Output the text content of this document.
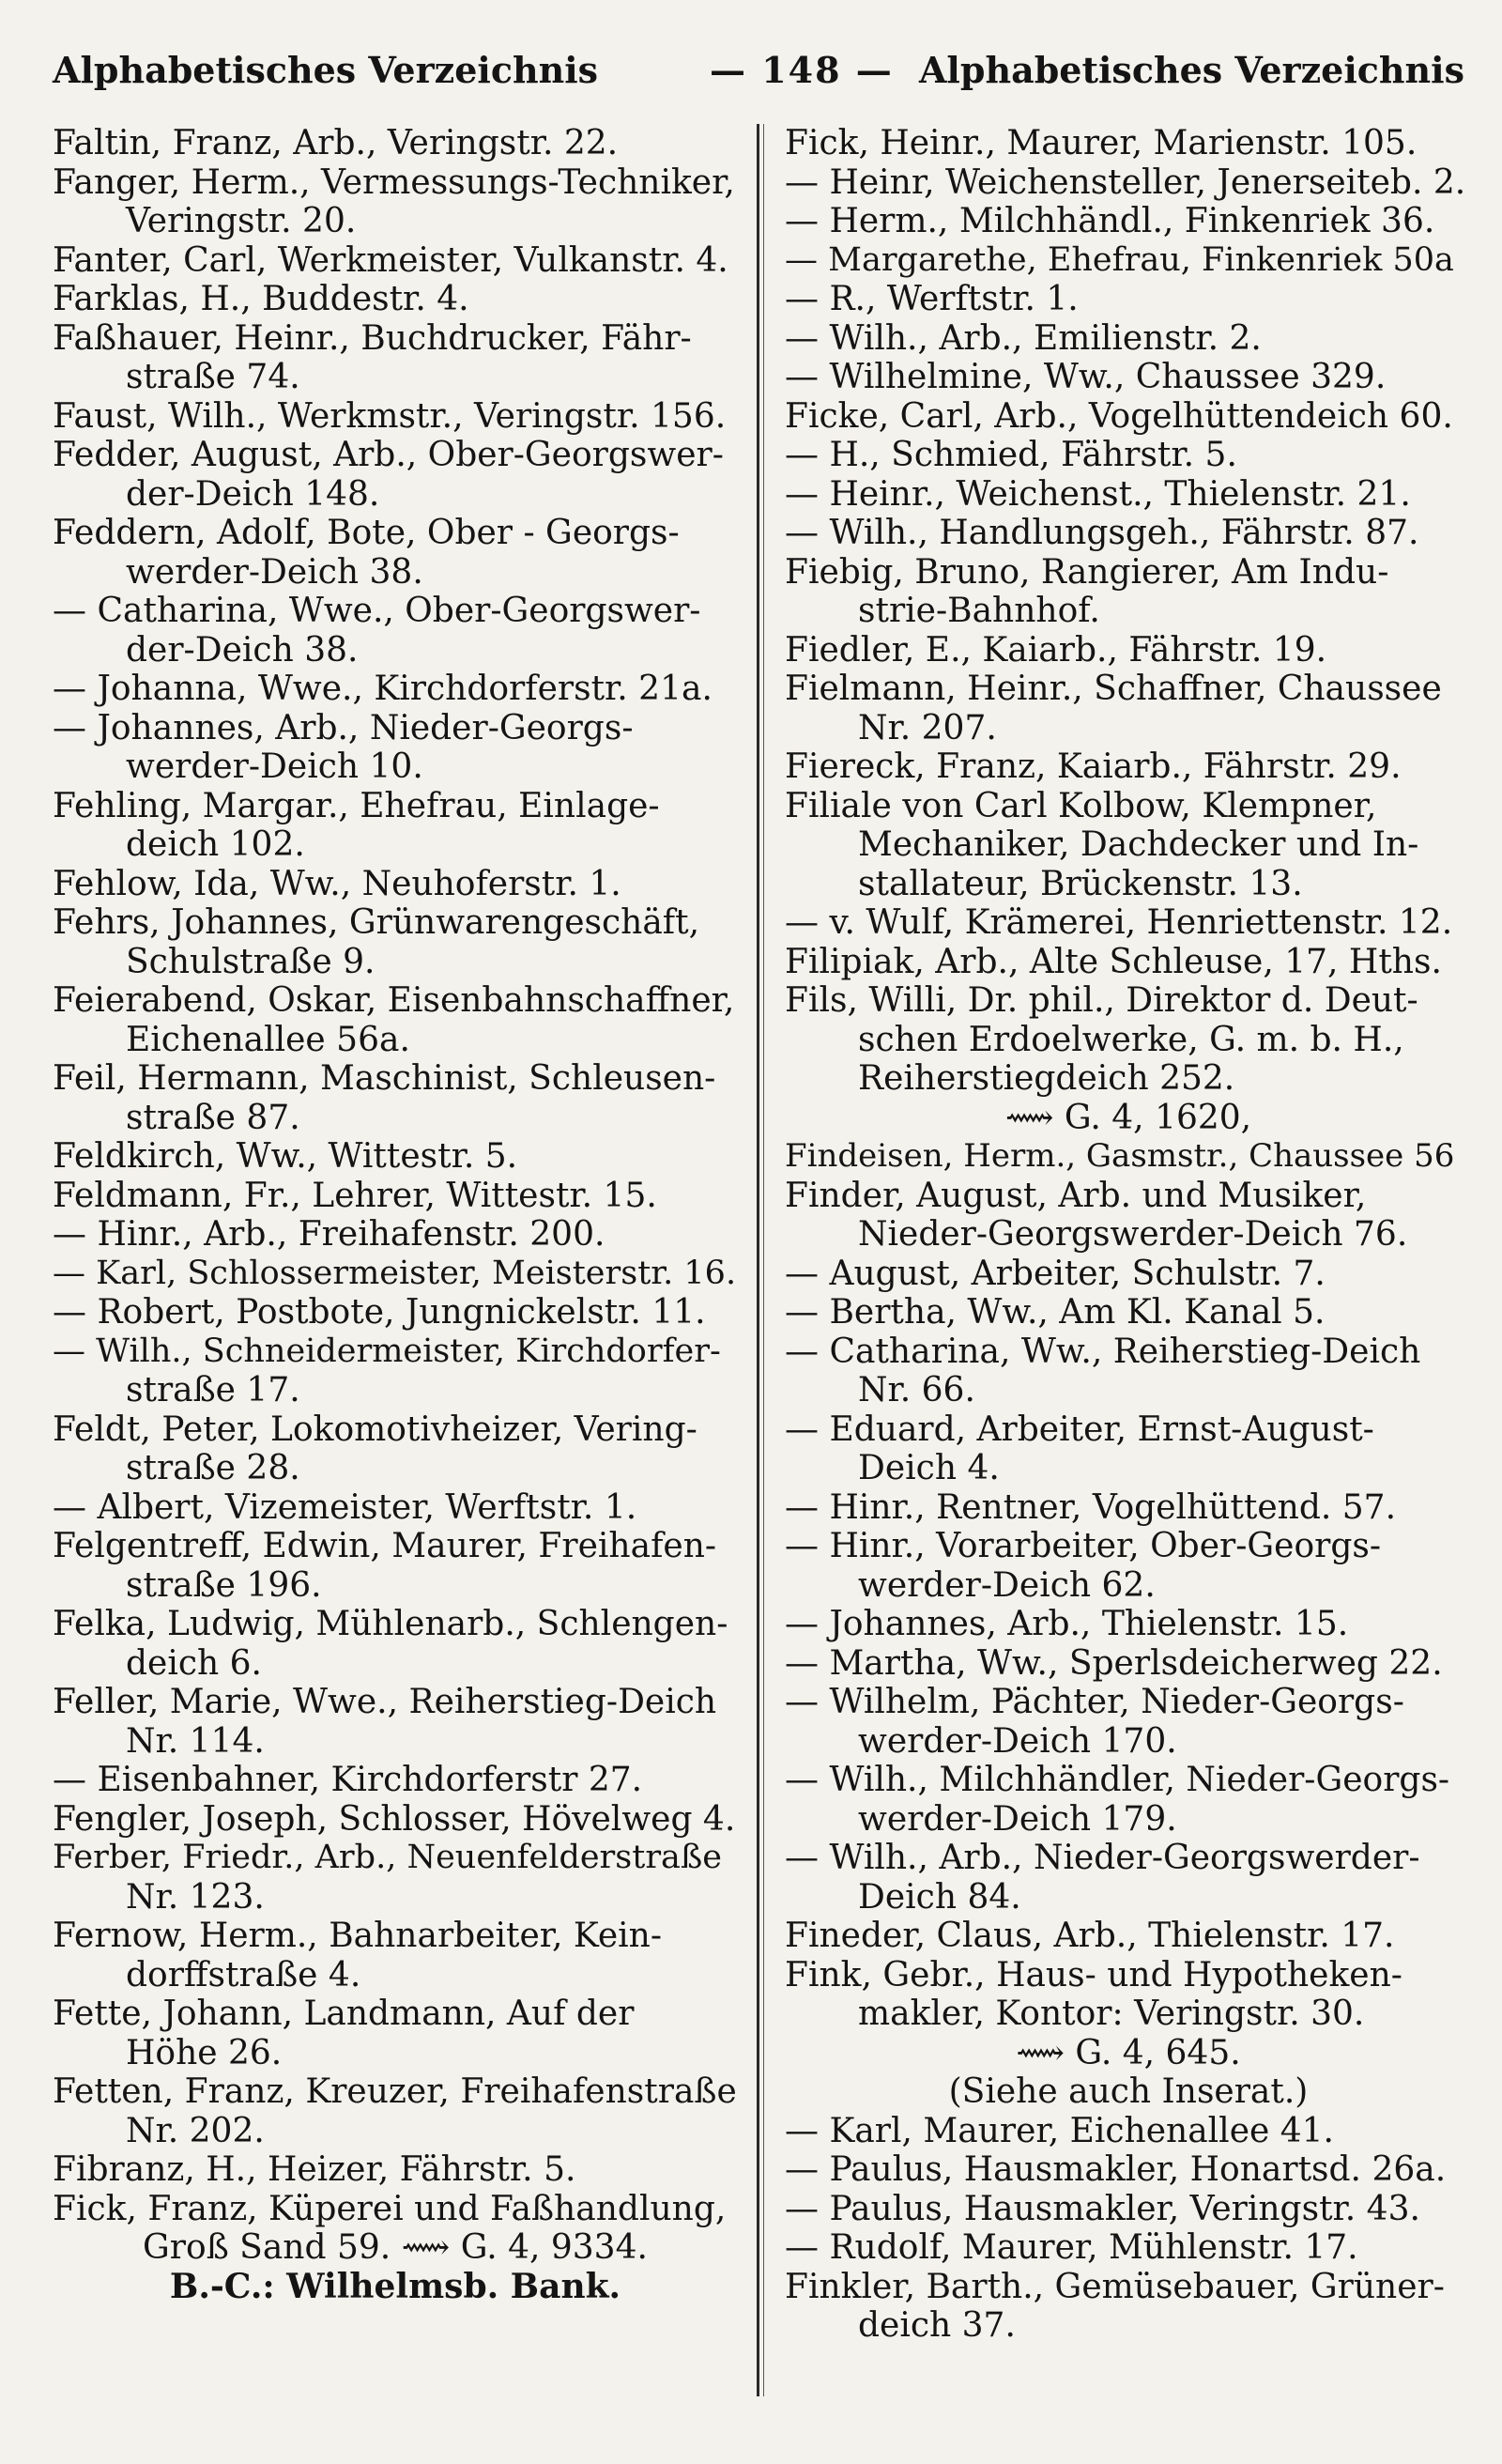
Alphabetisches Verzeichnis	— 148 — Alphabetisches Verzeichnis
Faltin, Franz, Arb., Veringstr. 22.
Fanger, Herm., Vermessungs-Techniker,
Veringstr. 20.
Fanter, Carl, Werkmeister, Vulkanstr. 4.
Farklas, H., Buddestr. 4.
Faßhauer, Heinr., Buchdrucker, Fähr-
straße 74.
Faust, Wilh., Werkmstr., Veringstr. 156.
Fedder, August, Arb., Ober-Georgswer-
der-Deich 148.
Feddern, Adolf, Bote, Ober - Georgs-
werder-Deich 38.
— Catharina, Wwe., Ober-Georgswer-
der-Deich 38.
— Johanna, Wwe., Kirchdorferstr. 21a.
— Johannes, Arb., Nieder-Georgs-
werder-Deich 10.
Fehling, Margar., Ehefrau, Einlage-
deich 102.
Fehlow, Ida, Ww., Neuhoferstr. 1.
Fehrs, Johannes, Grünwarengeschäft,
Schulstraße 9.
Feierabend, Oskar, Eisenbahnschaffner,
Eichenallee 56a.
Feil, Hermann, Maschinist, Schleusen-
straße 87.
Feldkirch, Ww., Wittestr. 5.
Feldmann, Fr., Lehrer, Wittestr. 15.
— Hinr., Arb., Freihafenstr. 200.
— Karl, Schlossermeister, Meisterstr. 16.
— Robert, Postbote, Jungnickelstr. 11.
— Wilh., Schneidermeister, Kirchdorfer-
straße 17.
Feldt, Peter, Lokomotivheizer, Vering-
straße 28.
— Albert, Vizemeister, Werftstr. 1.
Felgentreff, Edwin, Maurer, Freihafen-
straße 196.
Felka, Ludwig, Mühlenarb., Schlengen-
deich 6.
Feller, Marie, Wwe., Reiherstieg-Deich
Nr. 114.
— Eisenbahner, Kirchdorferstr 27.
Fengler, Joseph, Schlosser, Hövelweg 4.
Ferber, Friedr., Arb., Neuenfelderstraße
Nr. 123.
Fernow, Herm., Bahnarbeiter, Kein-
dorffstraße 4.
Fette, Johann, Landmann, Auf der
Höhe 26.
Fetten, Franz, Kreuzer, Freihafenstraße
Nr. 202.
Fibranz, H., Heizer, Fährstr. 5.
Fick, Franz, Küperei und Faßhandlung,
Groß Sand 59. ⟿ G. 4, 9334.
B.-C.: Wilhelmsb. Bank.
Fick, Heinr., Maurer, Marienstr. 105.
— Heinr, Weichensteller, Jenerseiteb. 2.
— Herm., Milchhändl., Finkenriek 36.
— Margarethe, Ehefrau, Finkenriek 50a
— R., Werftstr. 1.
— Wilh., Arb., Emilienstr. 2.
— Wilhelmine, Ww., Chaussee 329.
Ficke, Carl, Arb., Vogelhüttendeich 60.
— H., Schmied, Fährstr. 5.
— Heinr., Weichenst., Thielenstr. 21.
— Wilh., Handlungsgeh., Fährstr. 87.
Fiebig, Bruno, Rangierer, Am Indu-
strie-Bahnhof.
Fiedler, E., Kaiarb., Fährstr. 19.
Fielmann, Heinr., Schaffner, Chaussee
Nr. 207.
Fiereck, Franz, Kaiarb., Fährstr. 29.
Filiale von Carl Kolbow, Klempner,
Mechaniker, Dachdecker und In-
stallateur, Brückenstr. 13.
— v. Wulf, Krämerei, Henriettenstr. 12.
Filipiak, Arb., Alte Schleuse, 17, Hths.
Fils, Willi, Dr. phil., Direktor d. Deut-
schen Erdoelwerke, G. m. b. H.,
Reiherstiegdeich 252.
⟿ G. 4, 1620,
Findeisen, Herm., Gasmstr., Chaussee 56
Finder, August, Arb. und Musiker,
Nieder-Georgswerder-Deich 76.
— August, Arbeiter, Schulstr. 7.
— Bertha, Ww., Am Kl. Kanal 5.
— Catharina, Ww., Reiherstieg-Deich
Nr. 66.
— Eduard, Arbeiter, Ernst-August-
Deich 4.
— Hinr., Rentner, Vogelhüttend. 57.
— Hinr., Vorarbeiter, Ober-Georgs-
werder-Deich 62.
— Johannes, Arb., Thielenstr. 15.
— Martha, Ww., Sperlsdeicherweg 22.
— Wilhelm, Pächter, Nieder-Georgs-
werder-Deich 170.
— Wilh., Milchhändler, Nieder-Georgs-
werder-Deich 179.
— Wilh., Arb., Nieder-Georgswerder-
Deich 84.
Fineder, Claus, Arb., Thielenstr. 17.
Fink, Gebr., Haus- und Hypotheken-
makler, Kontor: Veringstr. 30.
⟿ G. 4, 645.
(Siehe auch Inserat.)
— Karl, Maurer, Eichenallee 41.
— Paulus, Hausmakler, Honartsd. 26a.
— Paulus, Hausmakler, Veringstr. 43.
— Rudolf, Maurer, Mühlenstr. 17.
Finkler, Barth., Gemüsebauer, Grüner-
deich 37.
